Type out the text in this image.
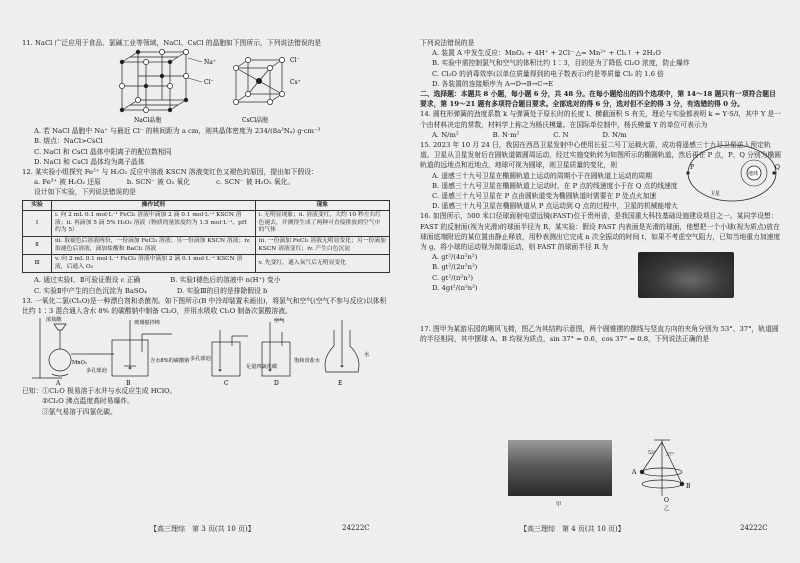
11. NaCl 广泛应用于食品、氯碱工业等领域，NaCl、CsCl 的晶胞如下图所示，下列说法错误的是

Na⁺
Cl⁻
NaCl晶胞
Cl⁻
Cs⁺
CsCl晶胞

A. 若 NaCl 晶胞中 Na⁺ 与最近 Cl⁻ 的核间距为 a cm，则其晶体密度为 234/(8a³Nₐ) g·cm⁻³

B. 熔点：NaCl>CsCl

C. NaCl 和 CsCl 晶体中阳离子的配位数相同

D. NaCl 和 CsCl 晶体均为离子晶体

12. 某实验小组探究 Fe²⁺ 与 H₂O₂ 反应中溶液 KSCN 溶液变红色又褪色的原因，提出如下假设：

a. Fe³⁺ 被 H₂O₂ 还原	b. SCN⁻ 被 O₂ 氧化	c. SCN⁻ 被 H₂O₂ 氧化。

设计如下实验，下列说法错误的是

实验	操作试剂	现象
Ⅰ	i. 向 2 mL 0.1 mol·L⁻¹ FeCl₂ 溶液中滴加 2 滴 0.1 mol·L⁻¹ KSCN 溶液；ii. 再滴加 5 滴 5% H₂O₂ 溶液（物质的量浓度约为 1.5 mol·L⁻¹、pH 约为 5）	i. 无明显现象；ii. 溶液变红，大约 10 秒左右红色褪去，并测得生成了两种可直接排放到空气中的气体
Ⅱ	iii. 取褪色后溶液两份，一份滴加 FeCl₃ 溶液；另一份滴加 KSCN 溶液；iv. 取褪色后溶液，滴加盐酸和 BaCl₂ 溶液	iii. 一份滴加 FeCl₃ 溶液无明显变化；另一份滴加 KSCN 溶液变红；iv. 产生白色沉淀
Ⅲ	v. 向 2 mL 0.1 mol·L⁻¹ FeCl₃ 溶液中滴加 2 滴 0.1 mol·L⁻¹ KSCN 溶液，后通入 O₂	v. 先变红，通入氧气后无明显变化
A. 通过实验Ⅰ、Ⅱ可验证假设 c 正确	B. 实验Ⅰ褪色后的溶液中 n(H⁺) 变小
C. 实验Ⅱ中产生的白色沉淀为 BaSO₄	D. 实验Ⅲ的目的是排除假设 b

13. 一氧化二氯(Cl₂O)是一种漂白剂和杀菌剂。如下图所示(B 中冷却装置未画出)，将氯气和空气(空气不参与反应)以体积比约 1∶3 混合通入含水 8% 的碳酸钠中制备 Cl₂O，并用水吸收 Cl₂O 制备次氯酸溶液。

浓盐酸
MnO₂
玻璃搅拌棒
多孔球泡
含水8%的碳酸钠
空气
多孔球泡
足量四氯化碳
饱和食盐水
水
A	B	C	D	E

已知：①Cl₂O 极易溶于水并与水反应生成 HClO。

②Cl₂O 沸点温度高时易爆炸。

③氯气易溶于四氯化碳。

【高三理综　第 3 页(共 10 页)】	24222C

下列说法错误的是

A. 装置 A 中发生反应：MnO₂ + 4H⁺ + 2Cl⁻ △= Mn²⁺ + Cl₂↑ + 2H₂O

B. 实验中需控制氯气和空气的体积比约 1∶3，目的是为了降低 Cl₂O 浓度，防止爆炸

C. Cl₂O 的消毒效率(以单位质量得到的电子数表示)约是等质量 Cl₂ 的 1.6 倍

D. 各装置的连接顺序为 A→D→B→C→E

二、选择题：本题共 8 小题，每小题 6 分，共 48 分。在每小题给出的四个选项中，第 14～18 题只有一项符合题目要求，第 19～21 题有多项符合题目要求。全部选对的得 6 分，选对但不全的得 3 分，有选错的得 0 分。

14. 圆柱形弹簧的劲度系数 k 与弹簧处于原长时的长度 l、横截面积 S 有关，理论与实验都表明 k = Y·S/l，其中 Y 是一个由材料决定的常数，材料学上称之为杨氏模量。在国际单位制中，杨氏模量 Y 的单位可表示为

A. N/m²	B. N·m²	C. N	D. N/m

15. 2023 年 10 月 24 日，我国在西昌卫星发射中心使用长征二号丁运载火箭，成功将遥感三十九号卫星送入预定轨道。卫星从卫星发射后在圆轨道做圆周运动，经过实施变轨转为如图所示的椭圆轨道，然后再在 P 点，P、Q 分别为椭圆轨道的远地点和近地点，地球可视为圆球，则卫星质量的变化，则

A. 遥感三十九号卫星在椭圆轨道上运动的周期小于在圆轨道上运动的周期

B. 遥感三十九号卫星在椭圆轨道上运动时，在 P 点的线速度小于在 Q 点的线速度

C. 遥感三十九号卫星在 P 点由圆轨道变为椭圆轨道时需要在 P 处点火加速

地球
卫星
P	Q

D. 遥感三十九号卫星在椭圆轨道从 P 点运动到 Q 点的过程中，卫星的机械能增大

16. 如图所示，500 米口径球面射电望远镜(FAST)位于贵州省，是我国重大科技基础设施建设项目之一。某同学设想：FAST 的反射面(视为光滑)的球面半径为 R，某实验：假设 FAST 内表面是光滑的球面，他想把一个小球(视为质点)放在球面底端附近的某位置由静止释放，用秒表测出它完成 n 次全振动的时间 t，如果不考虑空气阻力，已知当地重力加速度为 g，将小球的运动视为简谐运动，则 FAST 的球面半径 R 为

A. gt²/(4π²n²)

B. gt²/(2π²n²)

C. gt²/(π²n²)

D. 4gt²/(π²n²)

17. 图甲为某游乐园的飓风飞椅，图乙为其结构示意图，两个圆锥摆的摆线与竖直方向的夹角分别为 53°、37°，轨道圆的半径相同，其中摆球 A、B 均视为质点，sin 37° = 0.6，cos 37° = 0.8，下列说法正确的是

甲
A
B
O
53° 37°
乙
【高三理综　第 4 页(共 10 页)】	24222C
